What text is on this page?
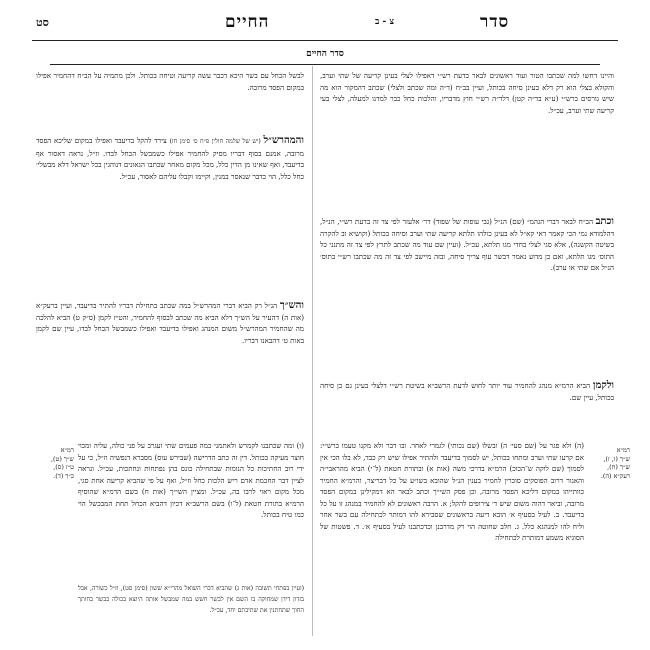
סט	החיים	צ - ב	סדר
סדר החיים
והיינו דחשו למה שכתבו הטור ועוד ראשונים לבאר בדעת רש״י דאפילו לצלי בעינן קריעה של שתי וערב, והקולא בצלי הוא רק דלא בעינן סיחה בכותל, ועיין בב״ח (ד״ה ומה שכתב ולצלי) שכתב דהמקור הוא מה שיש גורסים ברש״י (ע״א בד״ה קטן) דלד״ה רש״י חוץ מדבריו, והלכות כחל כבר למדנו למעלה, לצלי בעי קריעה שתי וערב, עכ״ל.
וכתב הב״ח לבאר דברי הגהמ״ (שם) הנ״ל (גבי עופות של שפוד) דר׳ אלעזר לפי צד זה בדעת רש״י, הנ״ל, דהלמודא נמי הכי קאמר דאי קא״ל לא בעינן כולהו תלתא קריעה שתי וערב וסיחה בכותל (וקושיא וב להקרה בשיטה הקשנה), אלא סגי לצלי בחדי מגו תלתא, עכ״ל. (ועיין שם עוד מה שכתב לתרץ לפי צד זה מתנני כל התוס׳ מגו תלתא, ואם כן מדוע נאמר דבשר עוף צריך סיחה, ובזה מיישב לפי צד זה מה שכתבו רש״י בתוס׳ הנ״ל אם שתי או ערב).
ולקמן הביא הרמ״א מנהג להחמיר עוד יותר לחוש לדעת הרשב״א בשיטת רש״י דלצלי בעינן גם כן סיחה בכותל, עיין שם.
(ה) ולא פגר על (שם סעי׳ ה) ובשלו (שם נכותי) לגמרי לאחר. ובו דבר ולא מקנו טעמו ברש״י: אם קרעו שתי וערב ומתחו בכותל, יש לסמוך בדיעבד ולהתיר אפילו שיש רק כבד, לא בלו הכי אין לסמוך (שם לוקה ש־הכוכ) הרמ״א בדרכי משה (אות א) ובתורת חטאת (ל־י) הביא מהראבי״ה והאגור דרוב הפוסקים סוברין לחמיר בענין הנ״ל שהובא בשו״ע על כל דבריצר, והרמ״א החמיר כוותייהו במקום דליכא הפסד מרובה, וכן פסק השי״ך וכתב לבאר הא דמקילינן במקום הפסד מרובה, וביאר דהוה משום שיש ד׳ צירופים להקל; א. הרבה ראשונים לא להחמיר במנהג זו על כל בדיעבד. ב. לעיל בסעיף א׳ הובא דיעה בראשונים שסבירא להו דמותר לכתחילה עם בשר אחר וליח להו למנהגא כלל. ג. חלב שחוטה הוי רק מדרבנן וכדכתבנו לעיל בסעיף א׳. ד. פשטות של הסוגיא משמע דמותרת לכתחילה
לבשל הכחל עם בשר היכא דכבר עשה קריעה וטיחה בכותל. ולכן מתמיה על הב״ח דהחמיר אפילו במקום הפסד מרובה.
והמהרש״ל (יש של שלמה חולין פ״ח ס׳ סימן חז) צירד להקל בדיעבד ואפילו במקום שליכא הפסד מרובה, אמנם בסוף דבריו מסיק להחמיר אפילו כשמבשל הכחל לבדו. וז״ל, נראה דאסור אף בדיעבד, ואף שאינו מן הדין כלל, מכל מקום מאחר שכתבו הגאונים דנוהגין בכל ישראל דלא מבשלי׳ כחל כלל, הוי כדבר שנאסר במנין, וקיימו וקבלו עליהם לאסור, עכ״ל.
והש״ך הנ״ל רק הביא דברי המהרש״ל במה שכתב בתחילת דבריו להתיר בדיעבד, ועיין ברעק״א (אות ה) דהעיר על הש״ך דלא הביא מה שכתב לבסוף להחמיר, והט״ז לקמן (ס״ק ט) הביא להלכה מה שהחמיר המהרש״ל משום המנהג ואפילו בדיעבד ואפילו כשמבשל הכחל לבדו, עיין שם לקמן באות ט׳ דהבאנו דבריו.
(ו) ומה שכתבנו לקמרש ולאתמני כמה פעמים שתי ועגרב על פני כולה, עליה ומכוי חוצר מעיקה בכותל. דין זה כתב הדרישה (שבירש עוס) מסברא דנפשיה וז״ל, כי על ידי רוב החתיכות כל הנומות שבתחילה כונס בהן נפתחות ונחתכות, עכ״ל. ונראה לציין דבר החכמת אדם ריש הלכות כחל וז״ל, ואף על פי שהביא קריעה אחת סגי, מכל מקום ראוי לרבו בה, עכ״ל. ומציין השי״ך (אות ח) בשם הרמ״א שהוסיף הרמ״א בתורת חטאת (ל־ו) בשם הרשב״א דכיון דהביא הכחל תחת המבכשל הוי כמו טיח בכותל.
(ועיין בפתחי תשובה (אות ג) שהביא דברי השואל מהרי״א ששון (סימן סט), וז״ל כשורה, אבל בזדון דידן שמחוקה בו השם אין לבשר חשש במה שמבשל אותה היוצא בכולה בבשר בחותך החוך שתחתנין את שתיבתם יחד, עכ״ל.
רמ״א
ש״ך (ט),
ט״ז (ס),
כ״ך (ד).
רמ״א
ש״ך (ו, ז),
ש״ך (ח),
רעק״א (ה).
